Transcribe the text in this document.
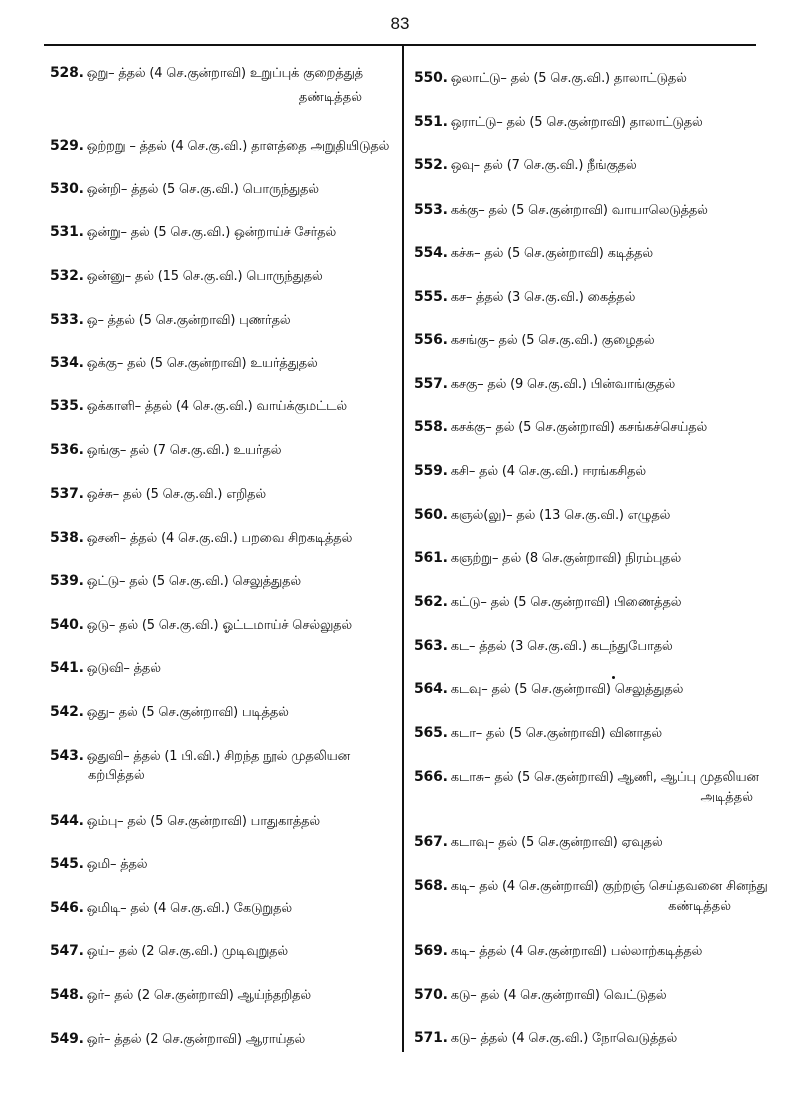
83
528. ஒறு– த்தல் (4 செ.குன்றாவி) உறுப்புக் குறைத்துத்
தண்டித்தல்
529. ஒற்றறு – த்தல் (4 செ.கு.வி.) தாளத்தை அறுதியிடுதல்
530. ஒன்றி– த்தல் (5 செ.கு.வி.) பொருந்துதல்
531. ஒன்று– தல் (5 செ.கு.வி.) ஒன்றாய்ச் சேர்தல்
532. ஒன்னு– தல் (15 செ.கு.வி.) பொருந்துதல்
533. ஒ– த்தல் (5 செ.குன்றாவி) புணர்தல்
534. ஒக்கு– தல் (5 செ.குன்றாவி) உயர்த்துதல்
535. ஒக்காளி– த்தல் (4 செ.கு.வி.) வாய்க்குமட்டல்
536. ஒங்கு– தல் (7 செ.கு.வி.) உயர்தல்
537. ஒச்சு– தல் (5 செ.கு.வி.) எறிதல்
538. ஒசனி– த்தல் (4 செ.கு.வி.) பறவை சிறகடித்தல்
539. ஒட்டு– தல் (5 செ.கு.வி.) செலுத்துதல்
540. ஒடு– தல் (5 செ.கு.வி.) ஓட்டமாய்ச் செல்லுதல்
541. ஒடுவி– த்தல்
542. ஒது– தல் (5 செ.குன்றாவி) படித்தல்
543. ஒதுவி– த்தல் (1 பி.வி.) சிறந்த நூல் முதலியன
கற்பித்தல்
544. ஒம்பு– தல் (5 செ.குன்றாவி) பாதுகாத்தல்
545. ஒமி– த்தல்
546. ஒமிடி– தல் (4 செ.கு.வி.) கேடுறுதல்
547. ஒய்– தல் (2 செ.கு.வி.) முடிவுறுதல்
548. ஒர்– தல் (2 செ.குன்றாவி) ஆய்ந்தறிதல்
549. ஒர்– த்தல் (2 செ.குன்றாவி) ஆராய்தல்
550. ஒலாட்டு– தல் (5 செ.கு.வி.) தாலாட்டுதல்
551. ஒராட்டு– தல் (5 செ.குன்றாவி) தாலாட்டுதல்
552. ஒவு– தல் (7 செ.கு.வி.) நீங்குதல்
553. கக்கு– தல் (5 செ.குன்றாவி) வாயாலெடுத்தல்
554. கச்சு– தல் (5 செ.குன்றாவி) கடித்தல்
555. கச– த்தல் (3 செ.கு.வி.) கைத்தல்
556. கசங்கு– தல் (5 செ.கு.வி.) குழைதல்
557. கசகு– தல் (9 செ.கு.வி.) பின்வாங்குதல்
558. கசக்கு– தல் (5 செ.குன்றாவி) கசங்கச்செய்தல்
559. கசி– தல் (4 செ.கு.வி.) ஈரங்கசிதல்
560. கஞல்(லு)– தல் (13 செ.கு.வி.) எழுதல்
561. கஞற்று– தல் (8 செ.குன்றாவி) நிரம்புதல்
562. கட்டு– தல் (5 செ.குன்றாவி) பிணைத்தல்
563. கட– த்தல் (3 செ.கு.வி.) கடந்துபோதல்
564. கடவு– தல் (5 செ.குன்றாவி) செலுத்துதல்
565. கடா– தல் (5 செ.குன்றாவி) வினாதல்
566. கடாசு– தல் (5 செ.குன்றாவி) ஆணி, ஆப்பு முதலியன
அடித்தல்
567. கடாவு– தல் (5 செ.குன்றாவி) ஏவுதல்
568. கடி– தல் (4 செ.குன்றாவி) குற்றஞ் செய்தவனை சினந்து
கண்டித்தல்
569. கடி– த்தல் (4 செ.குன்றாவி) பல்லாற்கடித்தல்
570. கடு– தல் (4 செ.குன்றாவி) வெட்டுதல்
571. கடு– த்தல் (4 செ.கு.வி.) நோவெடுத்தல்
